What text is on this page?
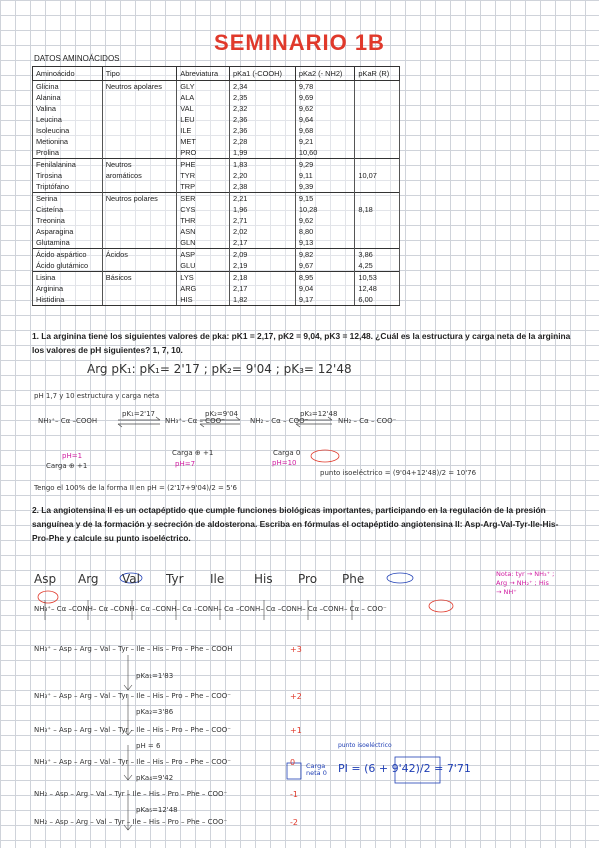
SEMINARIO 1B
DATOS AMINOÁCIDOS
Aminoácido	Tipo	Abreviatura	pKa1 (-COOH)	pKa2 (- NH2)	pKaR (R)
Glicina	Neutros apolares	GLY	2,34	9,78	
Alanina		ALA	2,35	9,69	
Valina		VAL	2,32	9,62	
Leucina		LEU	2,36	9,64	
Isoleucina		ILE	2,36	9,68	
Metionina		MET	2,28	9,21	
Prolina		PRO	1,99	10,60	
Fenilalanina	Neutros	PHE	1,83	9,29	
Tirosina	aromáticos	TYR	2,20	9,11	10,07
Triptófano		TRP	2,38	9,39	
Serina	Neutros polares	SER	2,21	9,15	
Cisteína		CYS	1,96	10,28	8,18
Treonina		THR	2,71	9,62	
Asparagina		ASN	2,02	8,80	
Glutamina		GLN	2,17	9,13	
Ácido aspártico	Ácidos	ASP	2,09	9,82	3,86
Ácido glutámico		GLU	2,19	9,67	4,25
Lisina	Básicos	LYS	2,18	8,95	10,53
Arginina		ARG	2,17	9,04	12,48
Histidina		HIS	1,82	9,17	6,00

1. La arginina tiene los siguientes valores de pka: pK1 = 2,17, pK2 = 9,04, pK3 = 12,48. ¿Cuál es la estructura y carga neta de la arginina los valores de pH siguientes? 1, 7, 10.

Arg pK₁: pK₁= 2'17 ; pK₂= 9'04 ; pK₃= 12'48
pH 1,7 y 10 estructura y carga neta
pK₁=2'17	pK₂=9'04	pK₃=12'48
NH₃⁺– Cα –COOH	NH₃⁺– Cα – COO⁻	NH₂ – Cα – COO⁻	NH₂ – Cα – COO⁻
pH=1
pH=7	pH=10
Carga ⊕ +1
Carga ⊕ +1
Carga 0
punto isoeléctrico = (9'04+12'48)/2 = 10'76
Tengo el 100% de la forma II en pH = (2'17+9'04)/2 = 5'6

2. La angiotensina II es un octapéptido que cumple funciones biológicas importantes, participando en la regulación de la presión sanguínea y de la formación y secreción de aldosterona. Escriba en fórmulas el octapéptido angiotensina II: Asp-Arg-Val-Tyr-Ile-His-Pro-Phe y calcule su punto isoeléctrico.

Asp Arg Val Tyr Ile His Pro Phe
NH₃⁺– Cα –CONH– Cα –CONH– Cα –CONH– Cα –CONH– Cα –CONH– Cα –CONH– Cα –CONH– Cα – COO⁻
Nota: tyr → NH₃⁺ ; Arg → NH₂⁺ ; His → NH⁺
NH₃⁺ – Asp – Arg – Val – Tyr – Ile – His – Pro – Phe – COOH
NH₃⁺ – Asp – Arg – Val – Tyr – Ile – His – Pro – Phe – COO⁻
NH₃⁺ – Asp – Arg – Val – Tyr – Ile – His – Pro – Phe – COO⁻
NH₃⁺ – Asp – Arg – Val – Tyr – Ile – His – Pro – Phe – COO⁻
NH₂ – Asp – Arg – Val – Tyr – Ile – His – Pro – Phe – COO⁻
NH₂ – Asp – Arg – Val – Tyr – Ile – His – Pro – Phe – COO⁻
pKa₁=1'83
pKa₂=3'86
pH = 6
pKa₄=9'42
pKa₅=12'48
+3
+2
+1
0
-1
-2
Carga neta 0
punto isoeléctrico
PI = (6 + 9'42)/2 = 7'71
